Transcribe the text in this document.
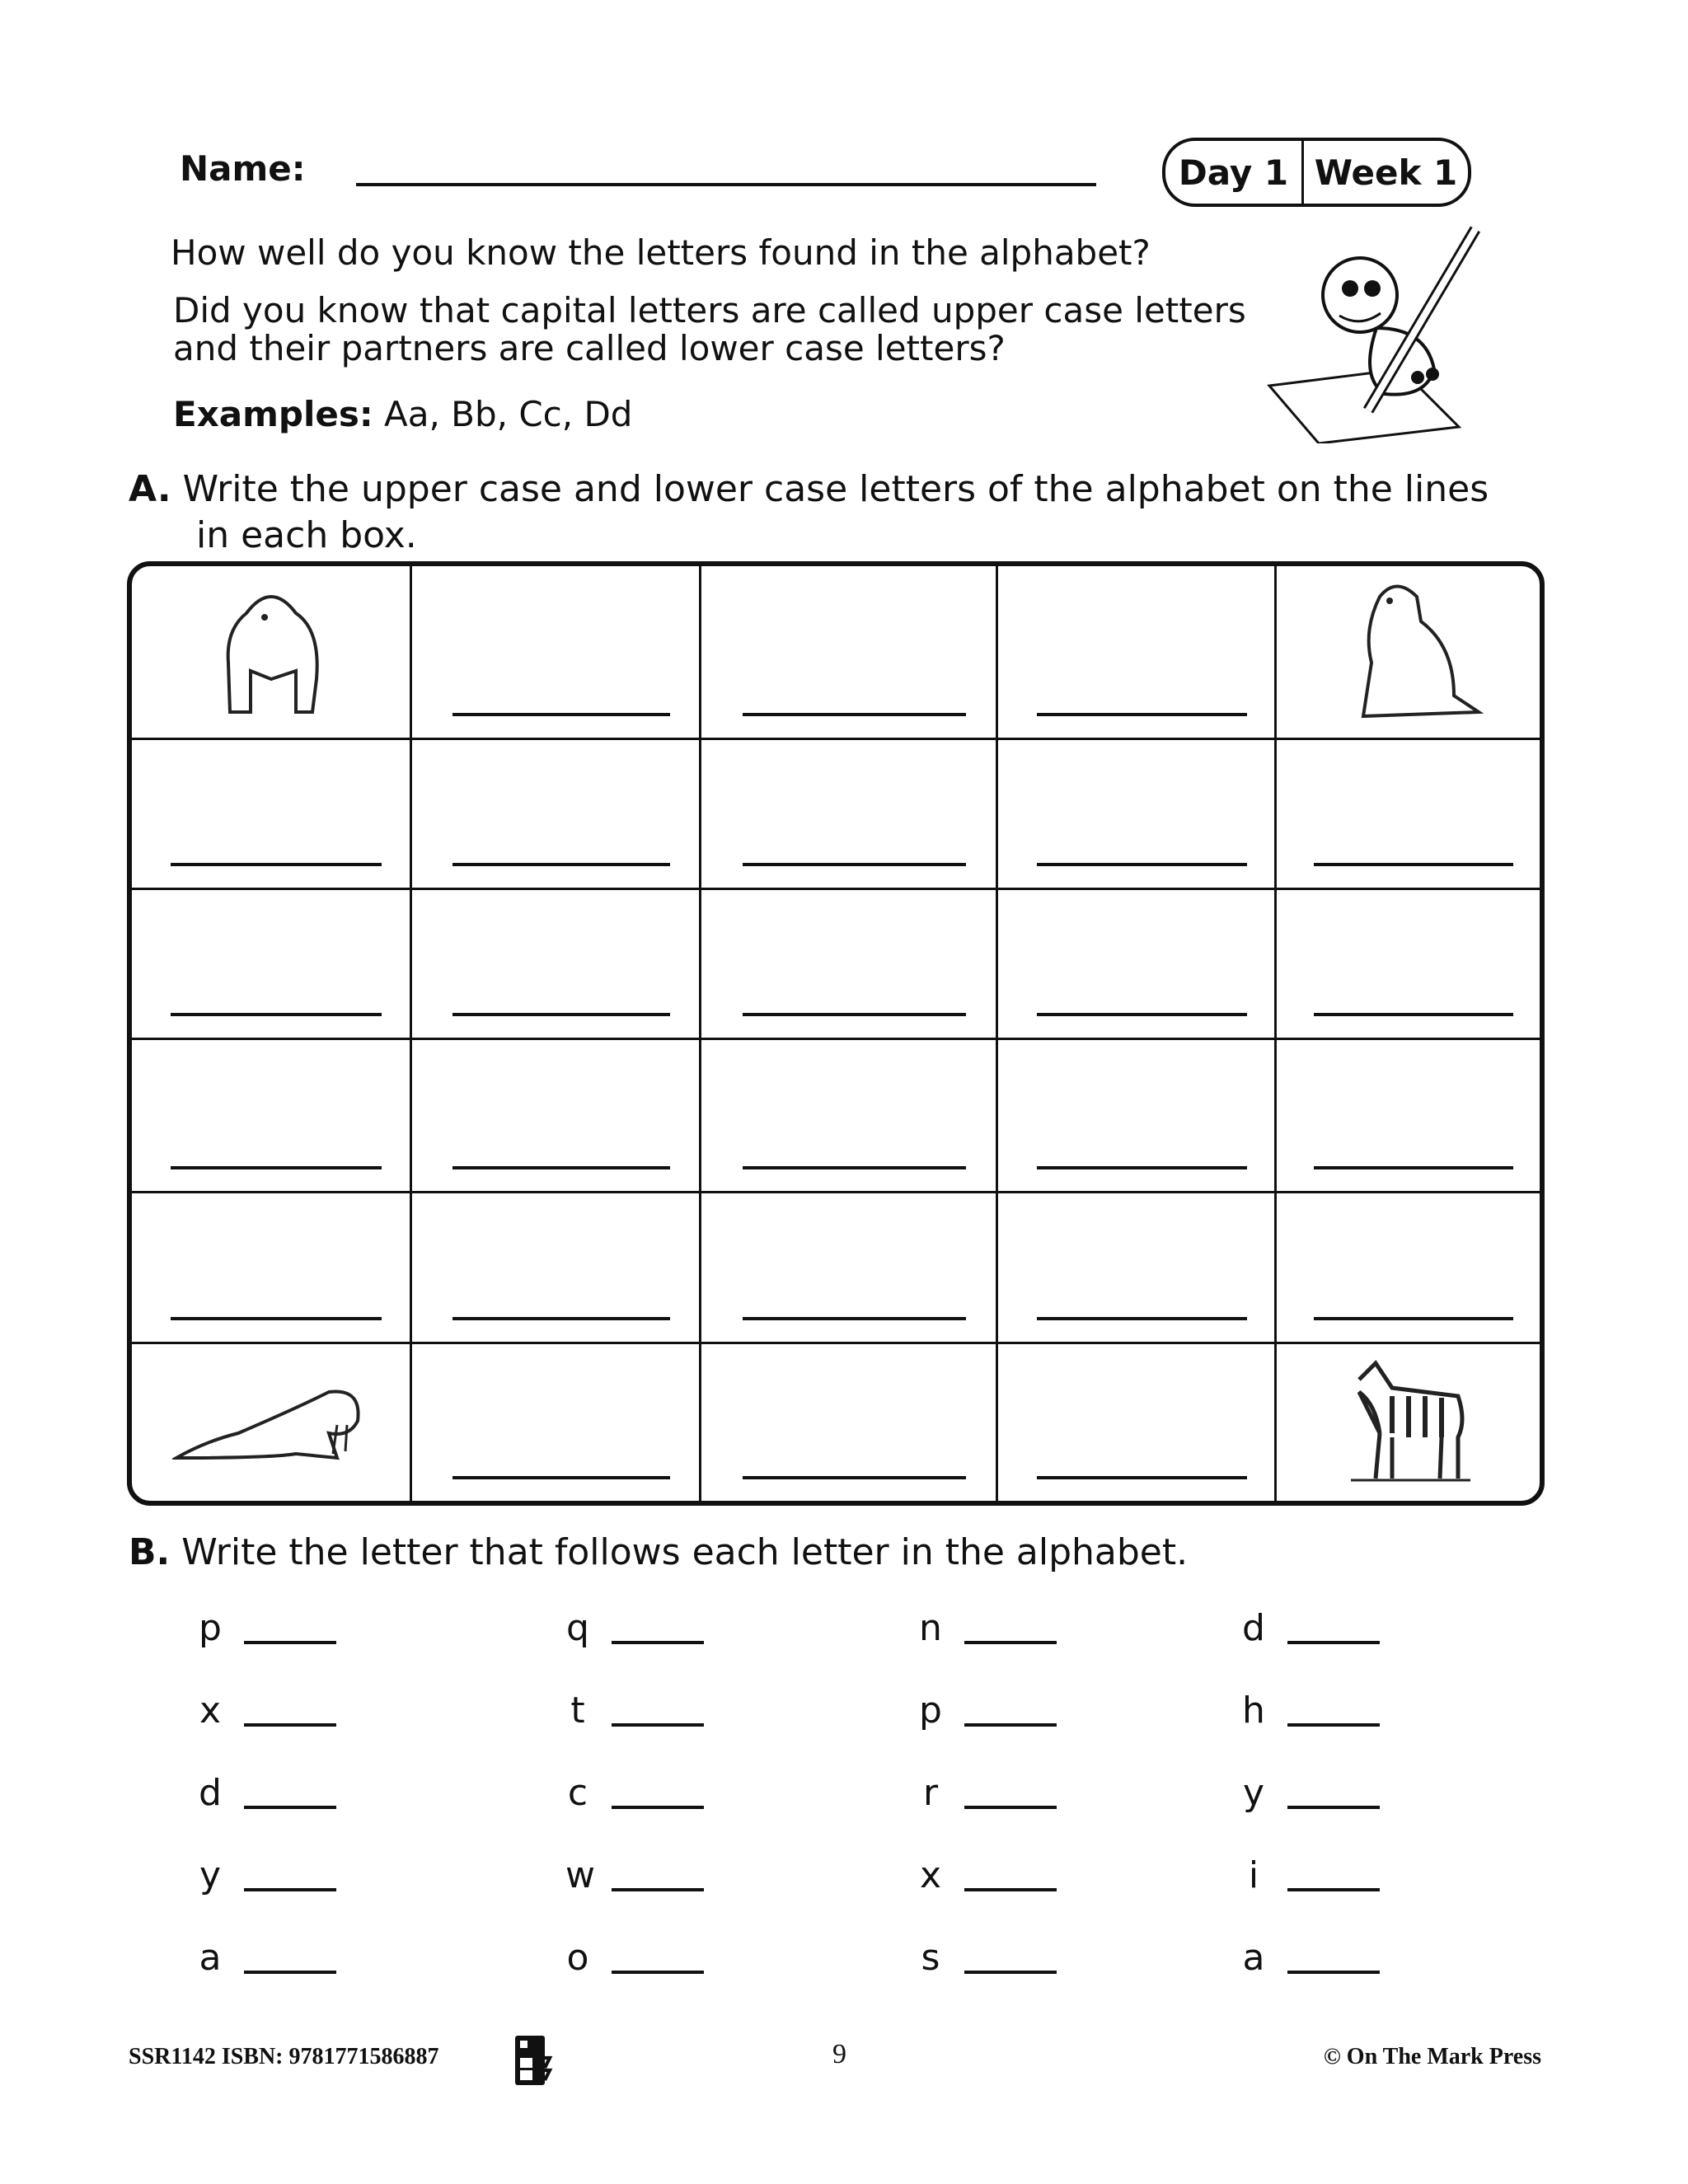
Name:	Day 1 Week 1
How well do you know the letters found in the alphabet?
Did you know that capital letters are called upper case letters
and their partners are called lower case letters?
Examples: Aa, Bb, Cc, Dd
A. Write the upper case and lower case letters of the alphabet on the lines
in each box.
B. Write the letter that follows each letter in the alphabet.
p	q	n	d
x	t	p	h
d	c	r	y
y	w	x	i
a	o	s	a
SSR1142 ISBN: 9781771586887	9	© On The Mark Press
